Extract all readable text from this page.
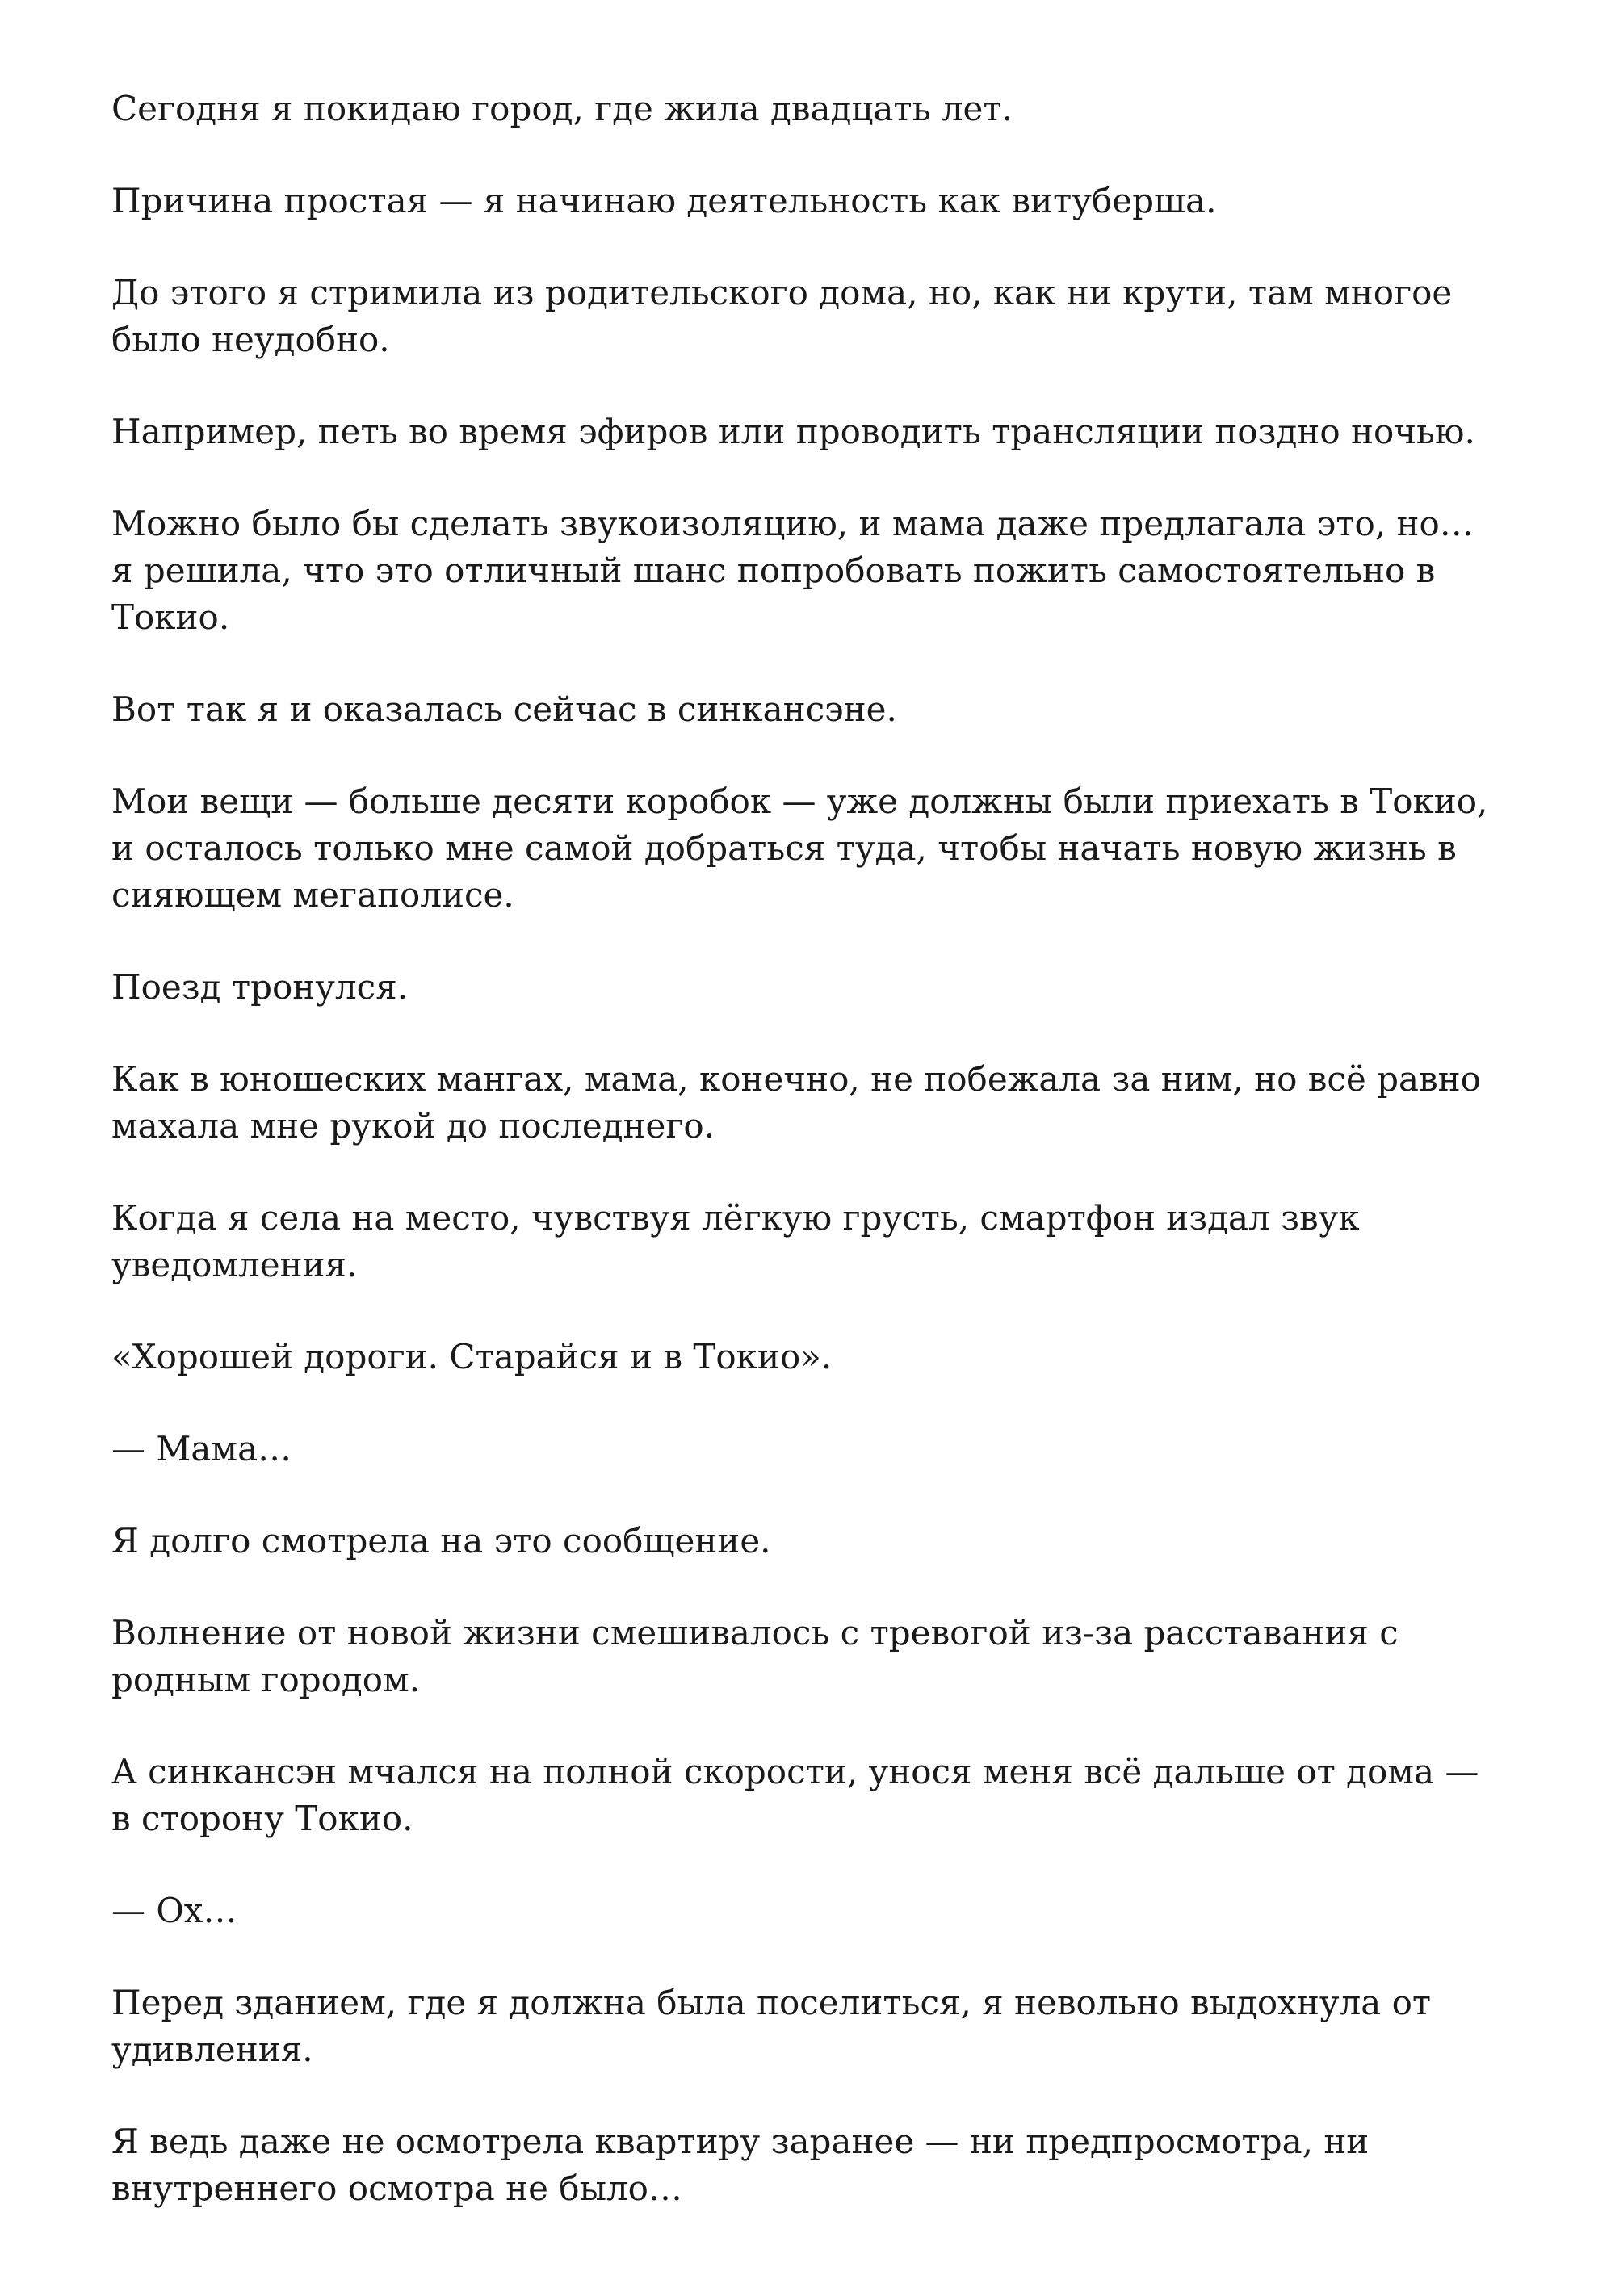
Сегодня я покидаю город, где жила двадцать лет.

Причина простая — я начинаю деятельность как витуберша.

До этого я стримила из родительского дома, но, как ни крути, там многое
было неудобно.

Например, петь во время эфиров или проводить трансляции поздно ночью.

Можно было бы сделать звукоизоляцию, и мама даже предлагала это, но…
я решила, что это отличный шанс попробовать пожить самостоятельно в
Токио.

Вот так я и оказалась сейчас в синкансэне.

Мои вещи — больше десяти коробок — уже должны были приехать в Токио,
и осталось только мне самой добраться туда, чтобы начать новую жизнь в
сияющем мегаполисе.

Поезд тронулся.

Как в юношеских мангах, мама, конечно, не побежала за ним, но всё равно
махала мне рукой до последнего.

Когда я села на место, чувствуя лёгкую грусть, смартфон издал звук
уведомления.

«Хорошей дороги. Старайся и в Токио».

— Мама…

Я долго смотрела на это сообщение.

Волнение от новой жизни смешивалось с тревогой из-за расставания с
родным городом.

А синкансэн мчался на полной скорости, унося меня всё дальше от дома —
в сторону Токио.

— Ох…

Перед зданием, где я должна была поселиться, я невольно выдохнула от
удивления.

Я ведь даже не осмотрела квартиру заранее — ни предпросмотра, ни
внутреннего осмотра не было…
